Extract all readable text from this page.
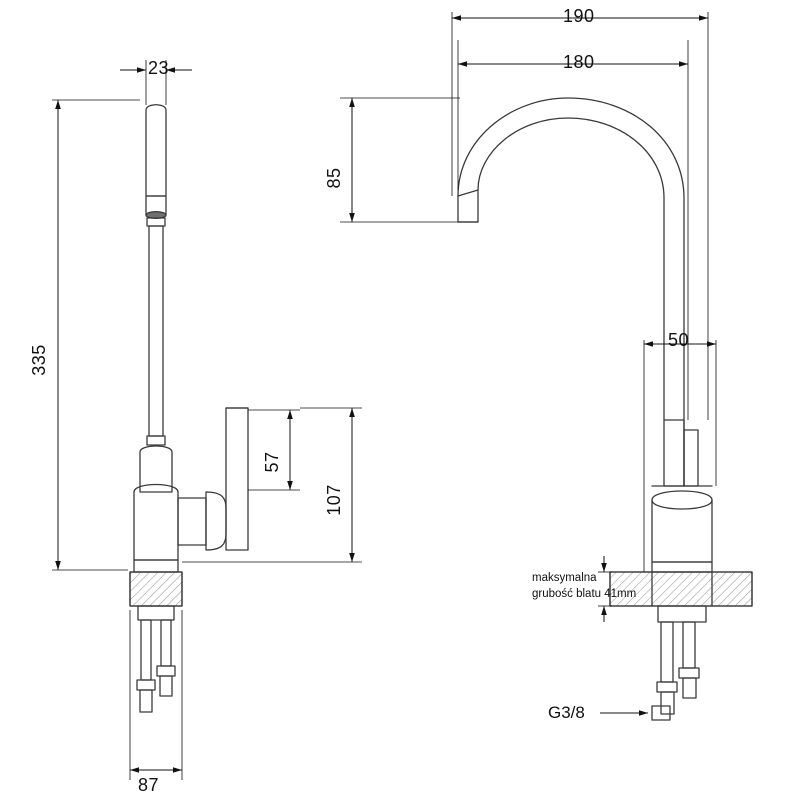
23
335
87
57
107
190
180
85
50
maksymalna
grubość blatu 41mm
G3/8
